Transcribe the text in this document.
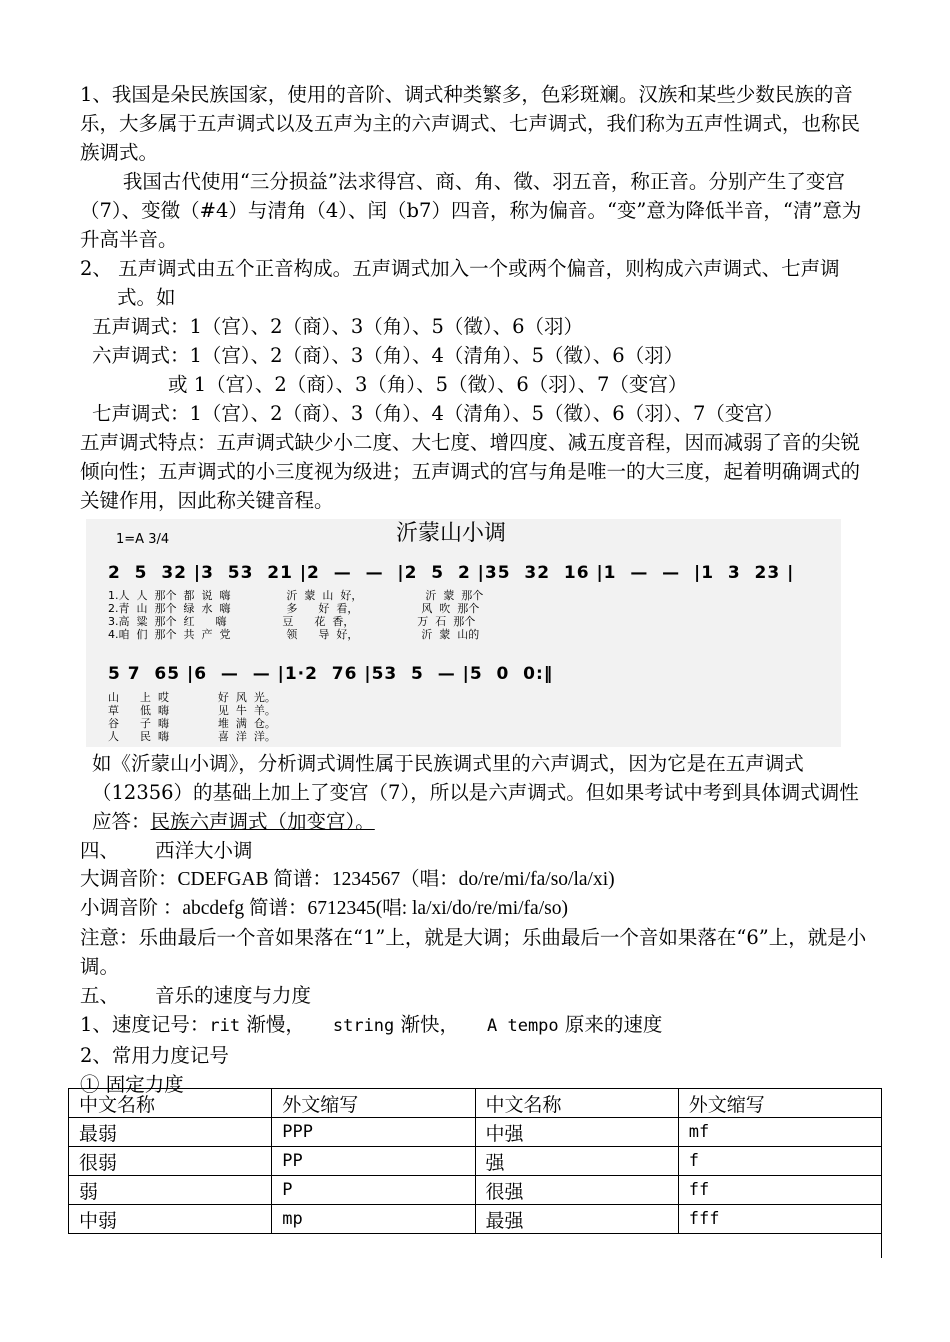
1、我国是朵民族国家，使用的音阶、调式种类繁多，色彩斑斓。汉族和某些少数民族的音乐，大多属于五声调式以及五声为主的六声调式、七声调式，我们称为五声性调式，也称民族调式。

我国古代使用“三分损益”法求得宫、商、角、徵、羽五音，称正音。分别产生了变宫（7）、变徵（#4）与清角（4）、闰（b7）四音，称为偏音。“变”意为降低半音，“清”意为升高半音。

2、 五声调式由五个正音构成。五声调式加入一个或两个偏音，则构成六声调式、七声调式。如

五声调式：1（宫）、2（商）、3（角）、5（徵）、6（羽）

六声调式：1（宫）、2（商）、3（角）、4（清角）、5（徵）、6（羽）

或 1（宫）、2（商）、3（角）、5（徵）、6（羽）、7（变宫）

七声调式：1（宫）、2（商）、3（角）、4（清角）、5（徵）、6（羽）、7（变宫）

五声调式特点：五声调式缺少小二度、大七度、增四度、减五度音程，因而减弱了音的尖锐倾向性；五声调式的小三度视为级进；五声调式的宫与角是唯一的大三度，起着明确调式的关键作用，因此称关键音程。

1=A 3/4	沂蒙山小调
2  5  32 |3  53  21 |2  —  —  |2  5  2 |35  32  16 |1  —  —  |1  3  23 |
1.人  人  那个  都  说  嗨                沂  蒙  山  好，                  沂  蒙  那个
2.青  山  那个  绿  水  嗨                多      好  看，                  风  吹  那个
3.高  粱  那个  红      嗨                豆      花  香，                  万  石  那个
4.咱  们  那个  共  产  党                领      导  好，                  沂  蒙  山的
5 7  65 |6  —  — |1·2  76 |53  5  — |5  0  0:‖
山      上  哎              好  风  光。
草      低  嗨              见  牛  羊。
谷      子  嗨              堆  满  仓。
人      民  嗨              喜  洋  洋。

如《沂蒙山小调》，分析调式调性属于民族调式里的六声调式，因为它是在五声调式（12356）的基础上加上了变宫（7），所以是六声调式。但如果考试中考到具体调式调性应答：民族六声调式（加变宫）。

四、 西洋大小调

大调音阶：CDEFGAB 简谱：1234567（唱：do/re/mi/fa/so/la/xi)

小调音阶 ：abcdefg 简谱：6712345(唱: la/xi/do/re/mi/fa/so)

注意：乐曲最后一个音如果落在“1”上，就是大调；乐曲最后一个音如果落在“6”上，就是小调。

五、 音乐的速度与力度

1、速度记号：rit 渐慢， string 渐快， A tempo 原来的速度

2、常用力度记号

① 固定力度

中文名称	外文缩写	中文名称	外文缩写
最弱	PPP	中强	mf
很弱	PP	强	f
弱	P	很强	ff
中弱	mp	最强	fff
